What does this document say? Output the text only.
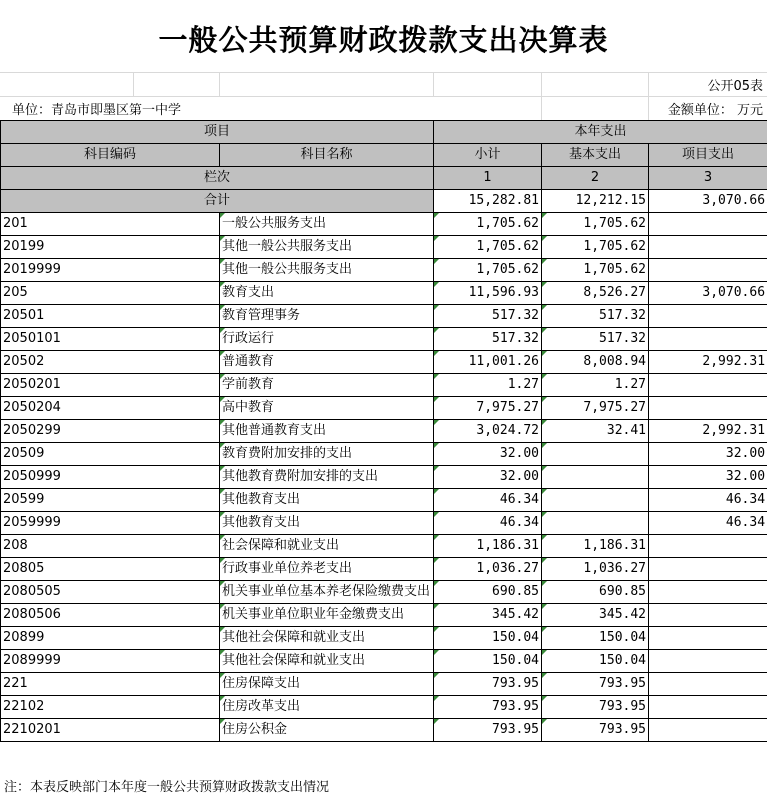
一般公共预算财政拨款支出决算表
公开05表
单位：青岛市即墨区第一中学	金额单位： 万元
项目		本年支出		
科目编码	科目名称	小计	基本支出	项目支出
栏次		1	2	3
合计		15,282.81	12,212.15	3,070.66
201	一般公共服务支出	1,705.62	1,705.62	
20199	其他一般公共服务支出	1,705.62	1,705.62	
2019999	其他一般公共服务支出	1,705.62	1,705.62	
205	教育支出	11,596.93	8,526.27	3,070.66
20501	教育管理事务	517.32	517.32	
2050101	行政运行	517.32	517.32	
20502	普通教育	11,001.26	8,008.94	2,992.31
2050201	学前教育	1.27	1.27	
2050204	高中教育	7,975.27	7,975.27	
2050299	其他普通教育支出	3,024.72	32.41	2,992.31
20509	教育费附加安排的支出	32.00		32.00
2050999	其他教育费附加安排的支出	32.00		32.00
20599	其他教育支出	46.34		46.34
2059999	其他教育支出	46.34		46.34
208	社会保障和就业支出	1,186.31	1,186.31	
20805	行政事业单位养老支出	1,036.27	1,036.27	
2080505	机关事业单位基本养老保险缴费支出	690.85	690.85	
2080506	机关事业单位职业年金缴费支出	345.42	345.42	
20899	其他社会保障和就业支出	150.04	150.04	
2089999	其他社会保障和就业支出	150.04	150.04	
221	住房保障支出	793.95	793.95	
22102	住房改革支出	793.95	793.95	
2210201	住房公积金	793.95	793.95	
注：本表反映部门本年度一般公共预算财政拨款支出情况
